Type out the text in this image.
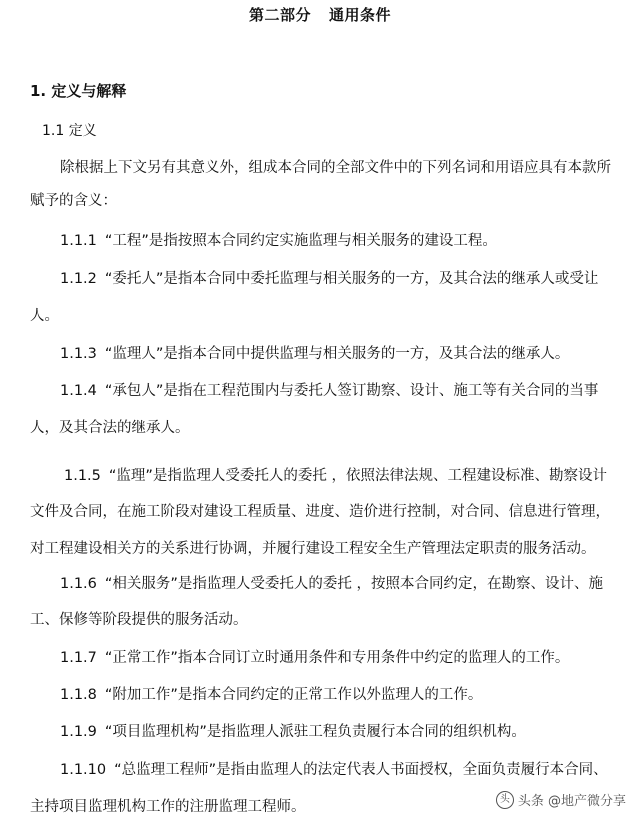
第二部分 通用条件
1. 定义与解释
1.1 定义
除根据上下文另有其意义外，组成本合同的全部文件中的下列名词和用语应具有本款所
赋予的含义：
1.1.1 “工程”是指按照本合同约定实施监理与相关服务的建设工程。
1.1.2 “委托人”是指本合同中委托监理与相关服务的一方，及其合法的继承人或受让
人。
1.1.3 “监理人”是指本合同中提供监理与相关服务的一方，及其合法的继承人。
1.1.4 “承包人”是指在工程范围内与委托人签订勘察、设计、施工等有关合同的当事
人，及其合法的继承人。
1.1.5 “监理”是指监理人受委托人的委托 ，依照法律法规、工程建设标准、勘察设计
文件及合同，在施工阶段对建设工程质量、进度、造价进行控制，对合同、信息进行管理，
对工程建设相关方的关系进行协调，并履行建设工程安全生产管理法定职责的服务活动。
1.1.6 “相关服务”是指监理人受委托人的委托 ，按照本合同约定，在勘察、设计、施
工、保修等阶段提供的服务活动。
1.1.7 “正常工作”指本合同订立时通用条件和专用条件中约定的监理人的工作。
1.1.8 “附加工作”是指本合同约定的正常工作以外监理人的工作。
1.1.9 “项目监理机构”是指监理人派驻工程负责履行本合同的组织机构。
1.1.10 “总监理工程师”是指由监理人的法定代表人书面授权，全面负责履行本合同、
主持项目监理机构工作的注册监理工程师。	头 头条 @地产微分享
